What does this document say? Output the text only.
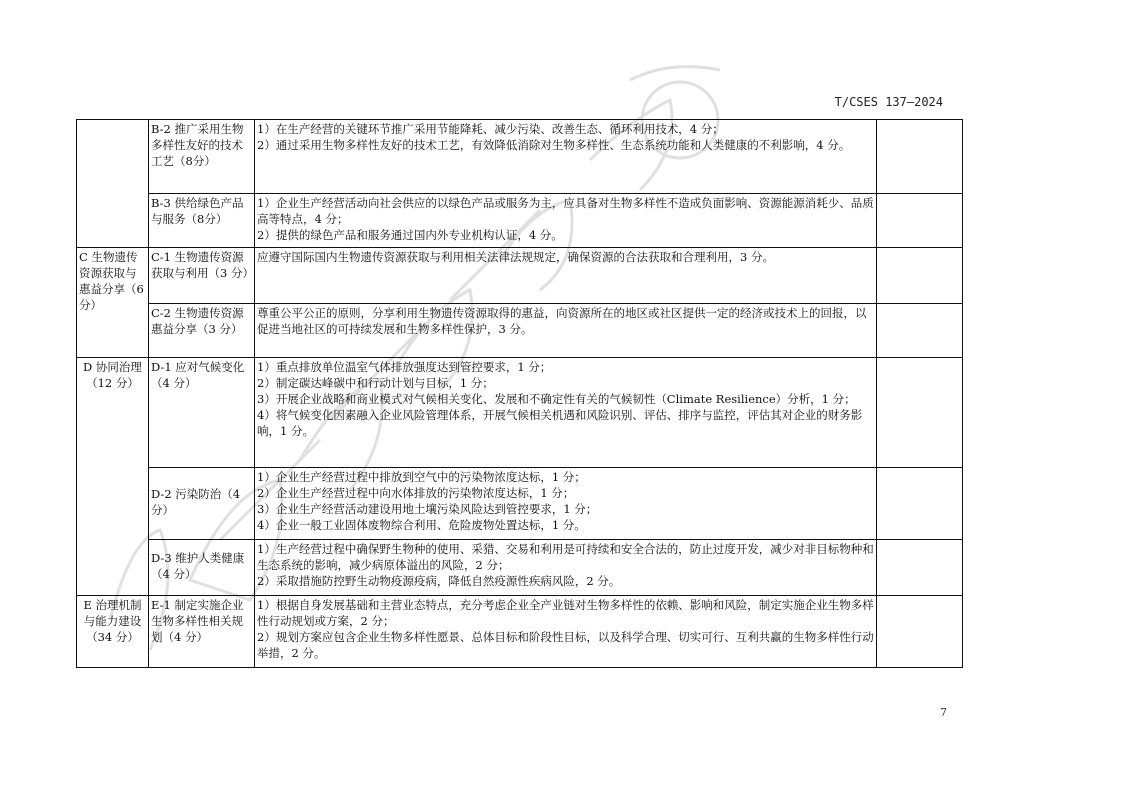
T/CSES 137—2024
	B-2 推广采用生物多样性友好的技术工艺（8分）	1）在生产经营的关键环节推广采用节能降耗、减少污染、改善生态、循环利用技术，4 分；
2）通过采用生物多样性友好的技术工艺，有效降低消除对生物多样性、生态系统功能和人类健康的不利影响，4 分。	

	B-3 供给绿色产品与服务（8分）	1）企业生产经营活动向社会供应的以绿色产品或服务为主，应具备对生物多样性不造成负面影响、资源能源消耗少、品质高等特点，4 分；
2）提供的绿色产品和服务通过国内外专业机构认证，4 分。	

C 生物遗传资源获取与惠益分享（6分）	C-1 生物遗传资源获取与利用（3 分）	应遵守国际国内生物遗传资源获取与利用相关法律法规规定，确保资源的合法获取和合理利用，3 分。	

	C-2 生物遗传资源惠益分享（3 分）	尊重公平公正的原则，分享利用生物遗传资源取得的惠益，向资源所在的地区或社区提供一定的经济或技术上的回报，以促进当地社区的可持续发展和生物多样性保护，3 分。	

D 协同治理（12 分）	D-1 应对气候变化（4 分）	1）重点排放单位温室气体排放强度达到管控要求，1 分；
2）制定碳达峰碳中和行动计划与目标，1 分；
3）开展企业战略和商业模式对气候相关变化、发展和不确定性有关的气候韧性（Climate Resilience）分析，1 分；
4）将气候变化因素融入企业风险管理体系，开展气候相关机遇和风险识别、评估、排序与监控，评估其对企业的财务影响，1 分。	

	D-2 污染防治（4分）	1）企业生产经营过程中排放到空气中的污染物浓度达标，1 分；
2）企业生产经营过程中向水体排放的污染物浓度达标，1 分；
3）企业生产经营活动建设用地土壤污染风险达到管控要求，1 分；
4）企业一般工业固体废物综合利用、危险废物处置达标，1 分。	

	D-3 维护人类健康（4 分）	1）生产经营过程中确保野生物种的使用、采猎、交易和利用是可持续和安全合法的，防止过度开发，减少对非目标物种和生态系统的影响，减少病原体溢出的风险，2 分；
2）采取措施防控野生动物疫源疫病，降低自然疫源性疾病风险，2 分。	

E 治理机制与能力建设（34 分）	E-1 制定实施企业生物多样性相关规划（4 分）	1）根据自身发展基础和主营业态特点，充分考虑企业全产业链对生物多样性的依赖、影响和风险，制定实施企业生物多样性行动规划或方案，2 分；
2）规划方案应包含企业生物多样性愿景、总体目标和阶段性目标，以及科学合理、切实可行、互利共赢的生物多样性行动举措，2 分。	

7
